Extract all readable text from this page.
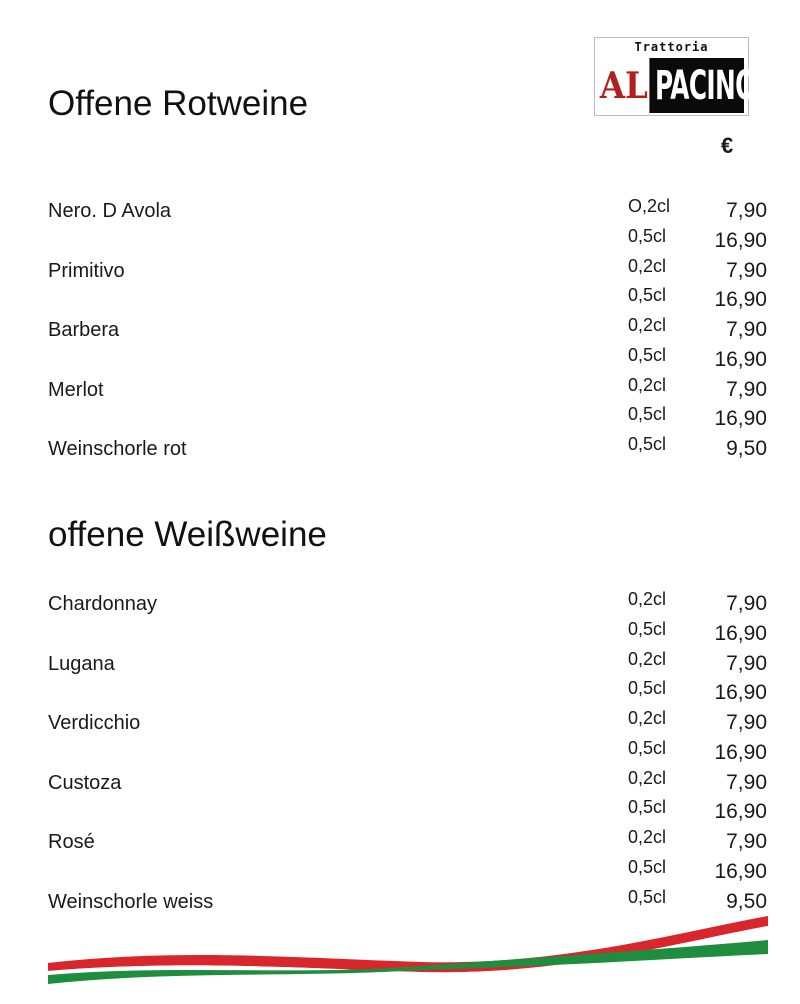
Trattoria
AL PACINO
Offene Rotweine
€
Nero. D Avola	O,2cl	7,90
0,5cl 16,90
Primitivo	0,2cl	7,90
0,5cl 16,90
Barbera	0,2cl	7,90
0,5cl 16,90
Merlot	0,2cl	7,90
0,5cl 16,90
Weinschorle rot	0,5cl	9,50
offene Weißweine
Chardonnay	0,2cl	7,90
0,5cl 16,90
Lugana	0,2cl	7,90
0,5cl 16,90
Verdicchio	0,2cl	7,90
0,5cl 16,90
Custoza	0,2cl	7,90
0,5cl 16,90
Rosé	0,2cl	7,90
0,5cl 16,90
Weinschorle weiss	0,5cl	9,50
